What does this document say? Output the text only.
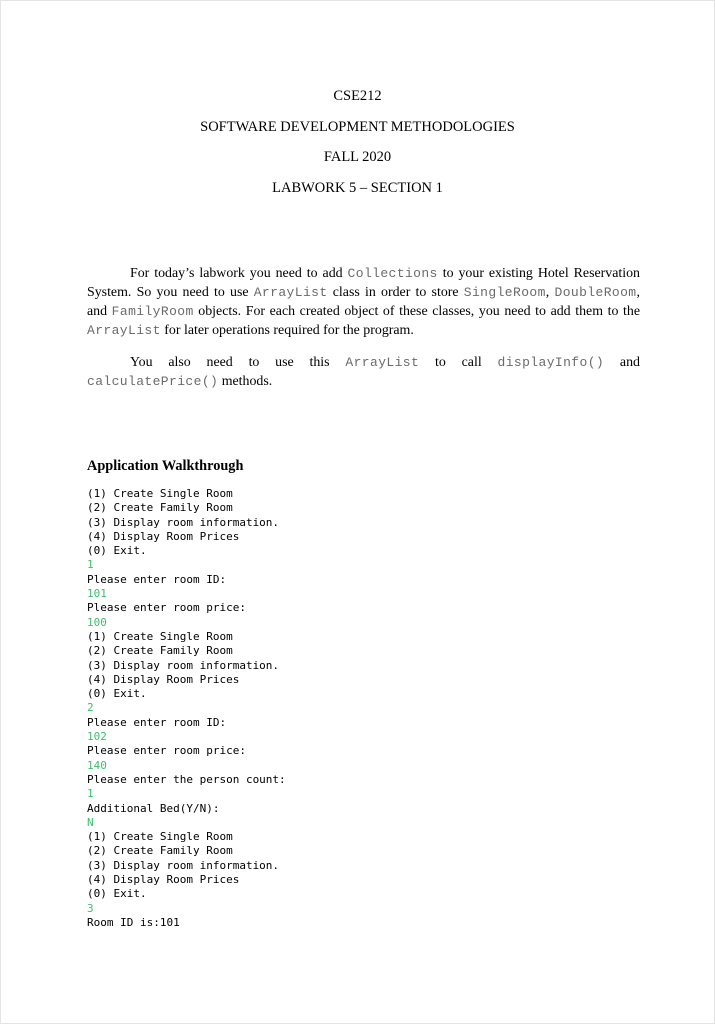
CSE212
SOFTWARE DEVELOPMENT METHODOLOGIES
FALL 2020
LABWORK 5 – SECTION 1

For today’s labwork you need to add Collections to your existing Hotel Reservation System. So you need to use ArrayList class in order to store SingleRoom, DoubleRoom, and FamilyRoom objects. For each created object of these classes, you need to add them to the ArrayList for later operations required for the program.

You also need to use this ArrayList to call displayInfo() and

calculatePrice() methods.

Application Walkthrough
(1) Create Single Room
(2) Create Family Room
(3) Display room information.
(4) Display Room Prices
(0) Exit.
1
Please enter room ID:
101
Please enter room price:
100
(1) Create Single Room
(2) Create Family Room
(3) Display room information.
(4) Display Room Prices
(0) Exit.
2
Please enter room ID:
102
Please enter room price:
140
Please enter the person count:
1
Additional Bed(Y/N):
N
(1) Create Single Room
(2) Create Family Room
(3) Display room information.
(4) Display Room Prices
(0) Exit.
3
Room ID is:101
